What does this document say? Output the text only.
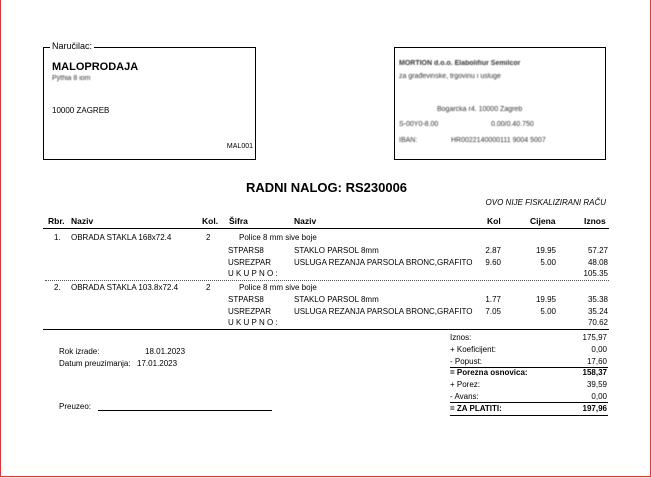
Naručilac:
MALOPRODAJA
Pýthia 8 iom
10000 ZAGREB
MAL001
MORTION d.o.o. Elabolifiur Semilcor
za građevinske, trgovinu i usluge
Bogarćka r4. 10000 Zagreb
S-00Y0-8.00	0.00/0.40.750
IBAN:	HR0022140000111 9004 5007
RADNI NALOG: RS230006
OVO NIJE FISKALIZIRANI RAČU
Rbr. Naziv	Kol. Šifra	Naziv	Kol	Cijena	Iznos
1. OBRADA STAKLA 168x72.4	2	Police 8 mm sive boje
STPARS8	STAKLO PARSOL 8mm	2.87	19.95	57.27
USREZPAR	USLUGA REZANJA PARSOLA BRONC,GRAFITO 9.60	5.00	48.08
U K U P N O :	105.35
2. OBRADA STAKLA 103.8x72.4	2	Police 8 mm sive boje
STPARS8	STAKLO PARSOL 8mm	1.77	19.95	35.38
USREZPAR	USLUGA REZANJA PARSOLA BRONC,GRAFITO 7.05	5.00	35.24
U K U P N O :	70.62
Rok izrade:	18.01.2023
Datum preuzimanja: 17.01.2023
Preuzeo:
Iznos:	175,97
+ Koeficijent:	0,00
- Popust:	17,60
= Porezna osnovica:	158,37
+ Porez:	39,59
- Avans:	0,00
= ZA PLATITI:	197,96
